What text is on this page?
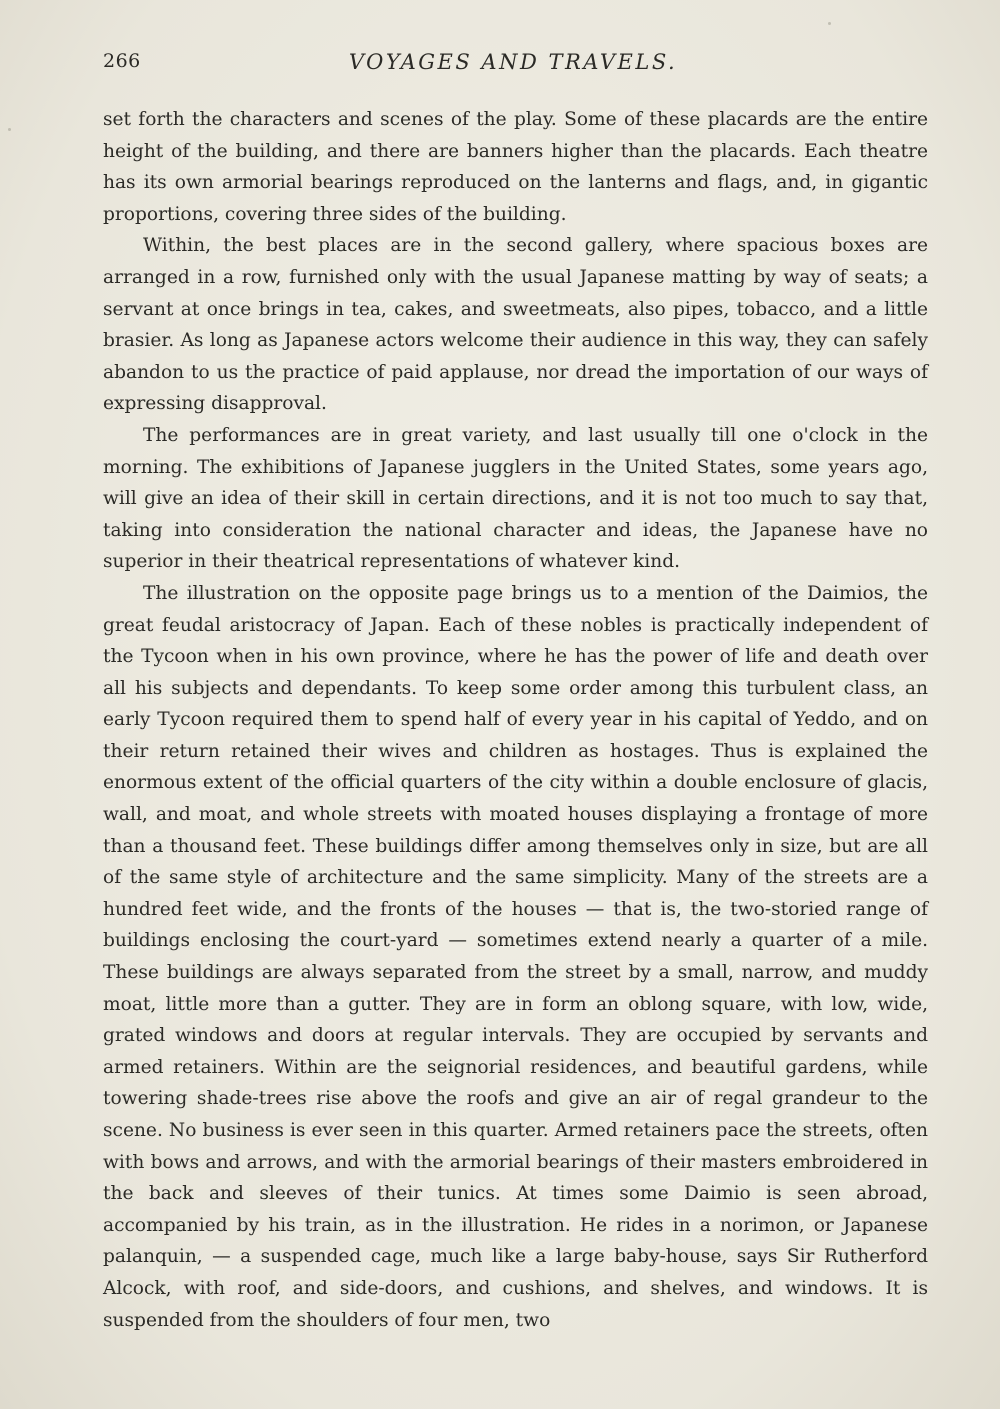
266	VOYAGES AND TRAVELS.

set forth the characters and scenes of the play. Some of these placards are the entire height of the building, and there are banners higher than the placards. Each theatre has its own armorial bearings reproduced on the lanterns and flags, and, in gigantic proportions, covering three sides of the building.

Within, the best places are in the second gallery, where spacious boxes are arranged in a row, furnished only with the usual Japanese matting by way of seats; a servant at once brings in tea, cakes, and sweetmeats, also pipes, tobacco, and a little brasier. As long as Japanese actors welcome their audience in this way, they can safely abandon to us the practice of paid applause, nor dread the importation of our ways of expressing disapproval.

The performances are in great variety, and last usually till one o'clock in the morning. The exhibitions of Japanese jugglers in the United States, some years ago, will give an idea of their skill in certain directions, and it is not too much to say that, taking into consideration the national character and ideas, the Japanese have no superior in their theatrical representations of whatever kind.

The illustration on the opposite page brings us to a mention of the Daimios, the great feudal aristocracy of Japan. Each of these nobles is practically independent of the Tycoon when in his own province, where he has the power of life and death over all his subjects and dependants. To keep some order among this turbulent class, an early Tycoon required them to spend half of every year in his capital of Yeddo, and on their return retained their wives and children as hostages. Thus is explained the enormous extent of the official quarters of the city within a double enclosure of glacis, wall, and moat, and whole streets with moated houses displaying a frontage of more than a thousand feet. These buildings differ among themselves only in size, but are all of the same style of architecture and the same simplicity. Many of the streets are a hundred feet wide, and the fronts of the houses — that is, the two-storied range of buildings enclosing the court-yard — sometimes extend nearly a quarter of a mile. These buildings are always separated from the street by a small, narrow, and muddy moat, little more than a gutter. They are in form an oblong square, with low, wide, grated windows and doors at regular intervals. They are occupied by servants and armed retainers. Within are the seignorial residences, and beautiful gardens, while towering shade-trees rise above the roofs and give an air of regal grandeur to the scene. No business is ever seen in this quarter. Armed retainers pace the streets, often with bows and arrows, and with the armorial bearings of their masters embroidered in the back and sleeves of their tunics. At times some Daimio is seen abroad, accompanied by his train, as in the illustration. He rides in a norimon, or Japanese palanquin, — a suspended cage, much like a large baby-house, says Sir Rutherford Alcock, with roof, and side-doors, and cushions, and shelves, and windows. It is suspended from the shoulders of four men, two
